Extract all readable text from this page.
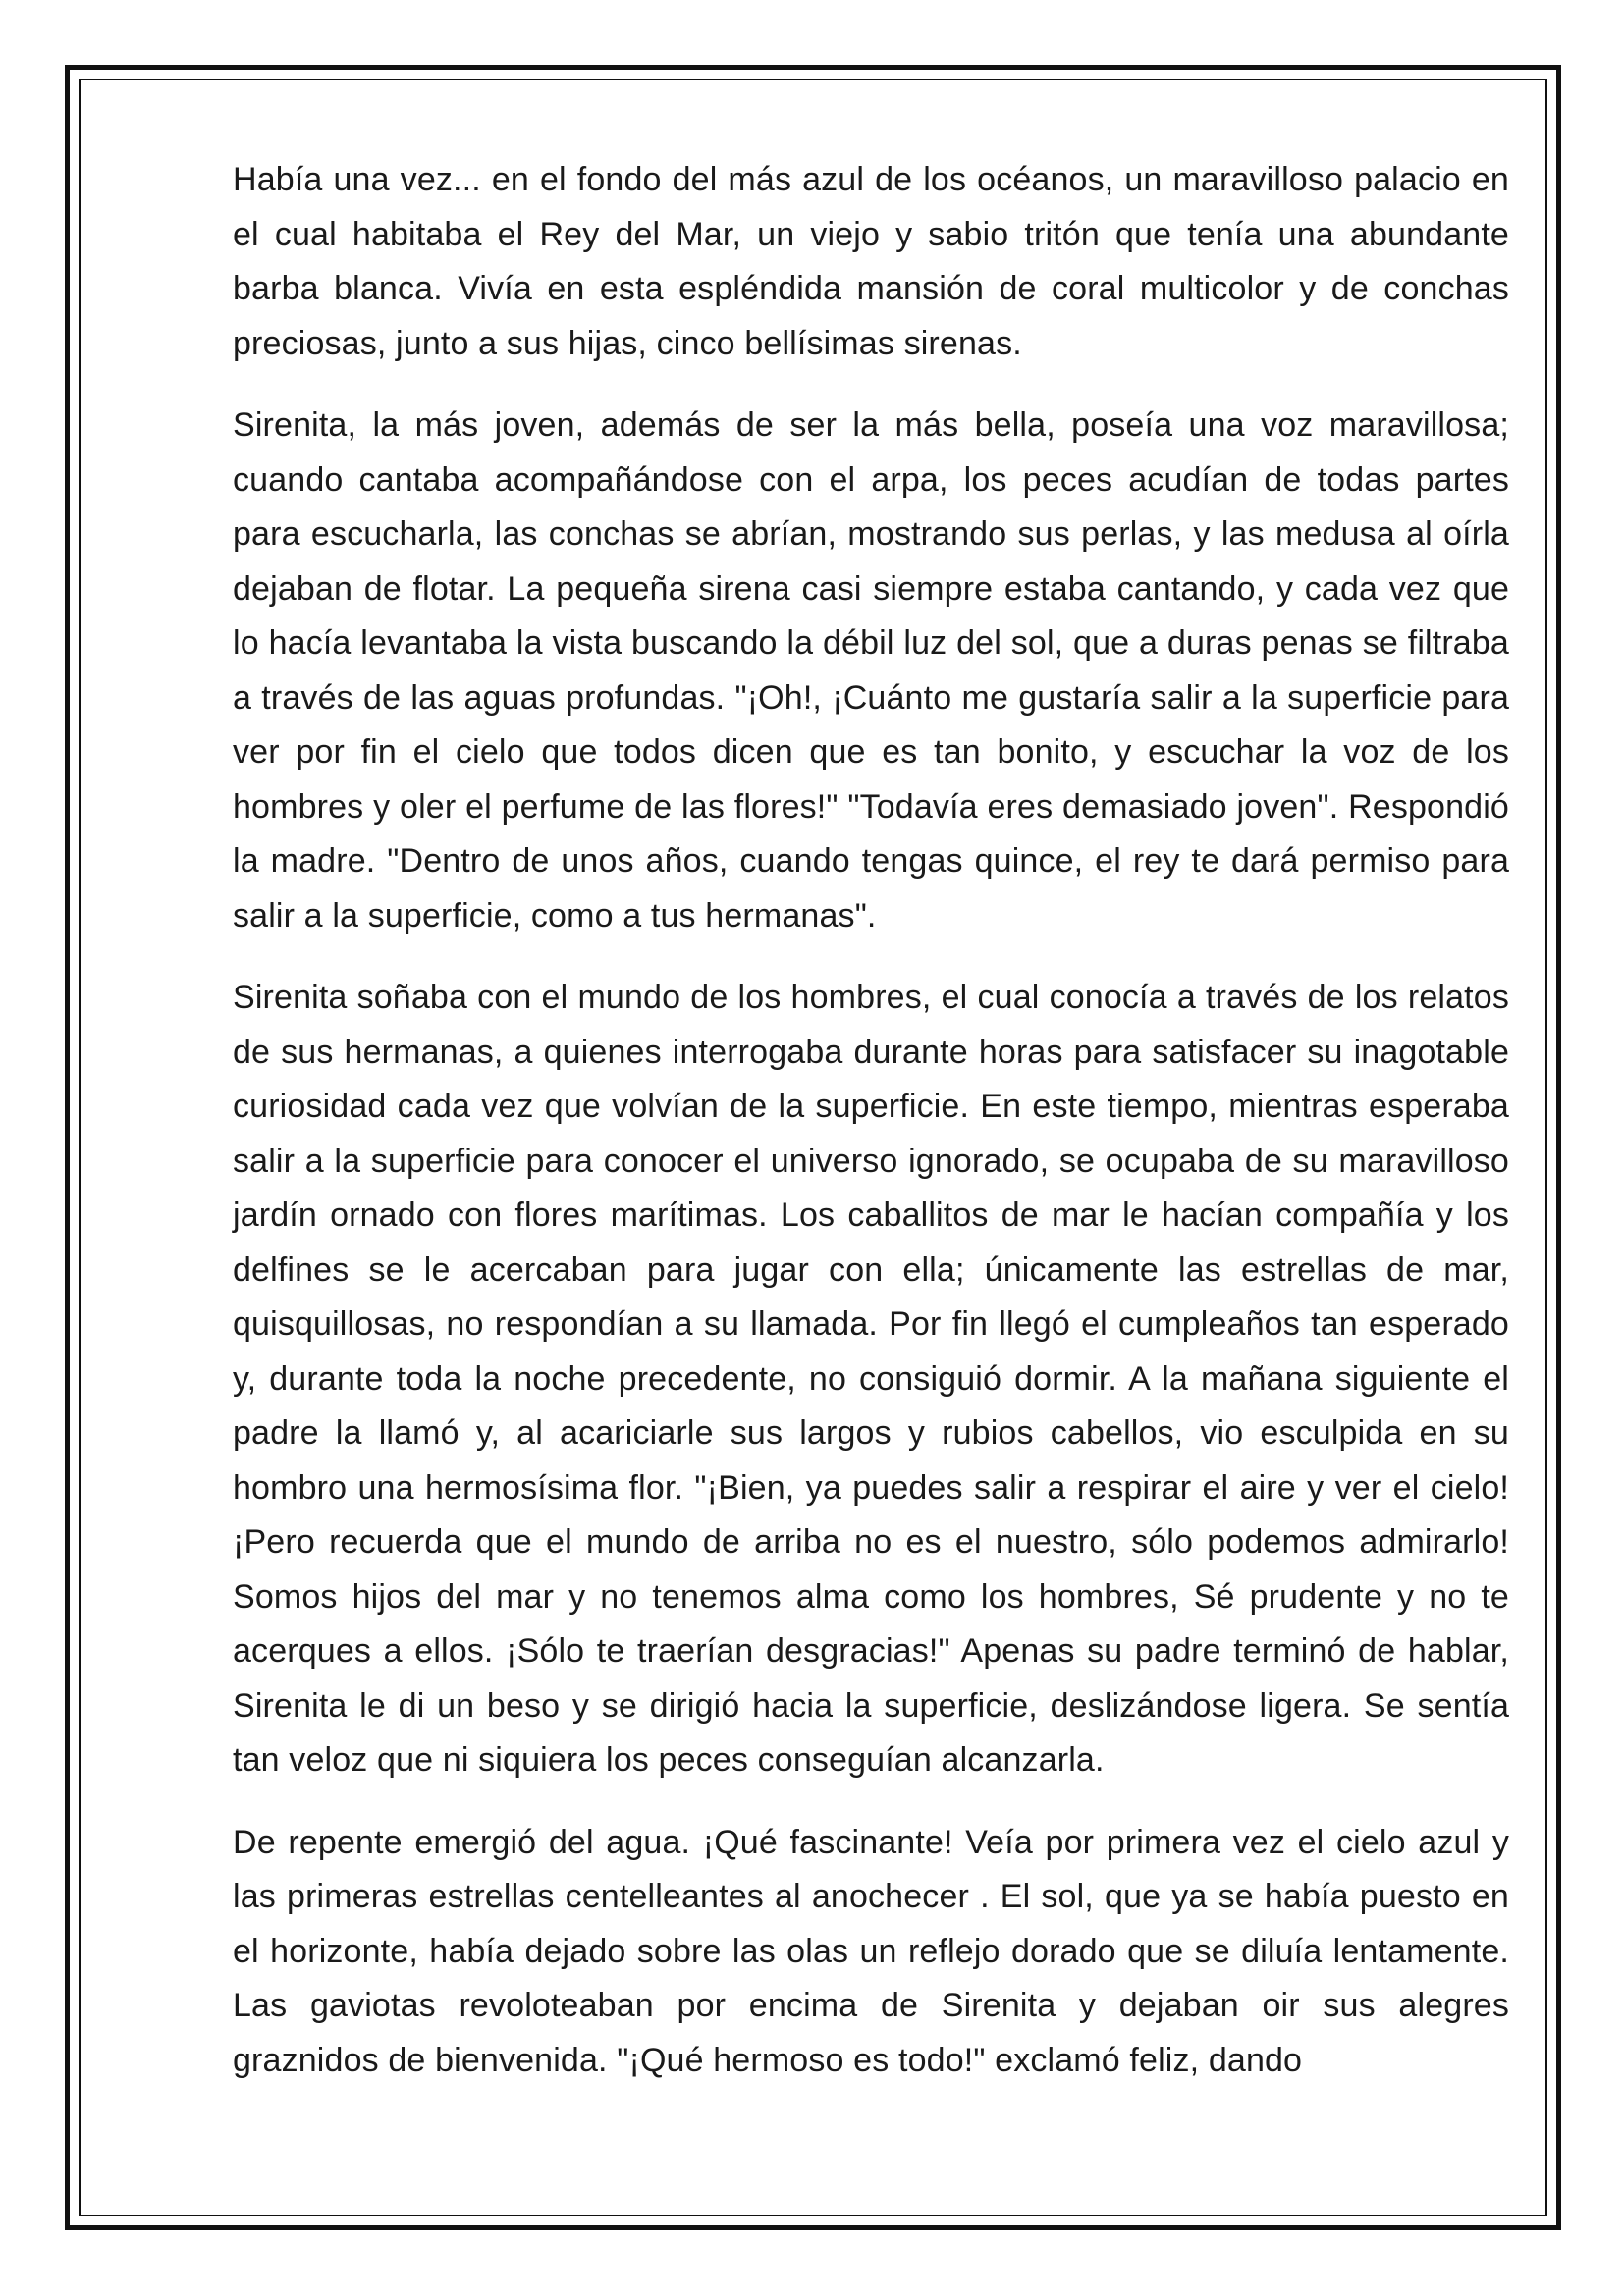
Había una vez... en el fondo del más azul de los océanos, un maravilloso palacio en el cual habitaba el Rey del Mar, un viejo y sabio tritón que tenía una abundante barba blanca. Vivía en esta espléndida mansión de coral multicolor y de conchas preciosas, junto a sus hijas, cinco bellísimas sirenas.

Sirenita, la más joven, además de ser la más bella, poseía una voz maravillosa; cuando cantaba acompañándose con el arpa, los peces acudían de todas partes para escucharla, las conchas se abrían, mostrando sus perlas, y las medusa al oírla dejaban de flotar. La pequeña sirena casi siempre estaba cantando, y cada vez que lo hacía levantaba la vista buscando la débil luz del sol, que a duras penas se filtraba a través de las aguas profundas. "¡Oh!, ¡Cuánto me gustaría salir a la superficie para ver por fin el cielo que todos dicen que es tan bonito, y escuchar la voz de los hombres y oler el perfume de las flores!" "Todavía eres demasiado joven". Respondió la madre. "Dentro de unos años, cuando tengas quince, el rey te dará permiso para salir a la superficie, como a tus hermanas".

Sirenita soñaba con el mundo de los hombres, el cual conocía a través de los relatos de sus hermanas, a quienes interrogaba durante horas para satisfacer su inagotable curiosidad cada vez que volvían de la superficie. En este tiempo, mientras esperaba salir a la superficie para conocer el universo ignorado, se ocupaba de su maravilloso jardín ornado con flores marítimas. Los caballitos de mar le hacían compañía y los delfines se le acercaban para jugar con ella; únicamente las estrellas de mar, quisquillosas, no respondían a su llamada. Por fin llegó el cumpleaños tan esperado y, durante toda la noche precedente, no consiguió dormir. A la mañana siguiente el padre la llamó y, al acariciarle sus largos y rubios cabellos, vio esculpida en su hombro una hermosísima flor. "¡Bien, ya puedes salir a respirar el aire y ver el cielo! ¡Pero recuerda que el mundo de arriba no es el nuestro, sólo podemos admirarlo! Somos hijos del mar y no tenemos alma como los hombres, Sé prudente y no te acerques a ellos. ¡Sólo te traerían desgracias!" Apenas su padre terminó de hablar, Sirenita le di un beso y se dirigió hacia la superficie, deslizándose ligera. Se sentía tan veloz que ni siquiera los peces conseguían alcanzarla.

De repente emergió del agua. ¡Qué fascinante! Veía por primera vez el cielo azul y las primeras estrellas centelleantes al anochecer . El sol, que ya se había puesto en el horizonte, había dejado sobre las olas un reflejo dorado que se diluía lentamente. Las gaviotas revoloteaban por encima de Sirenita y dejaban oir sus alegres graznidos de bienvenida. "¡Qué hermoso es todo!" exclamó feliz, dando
